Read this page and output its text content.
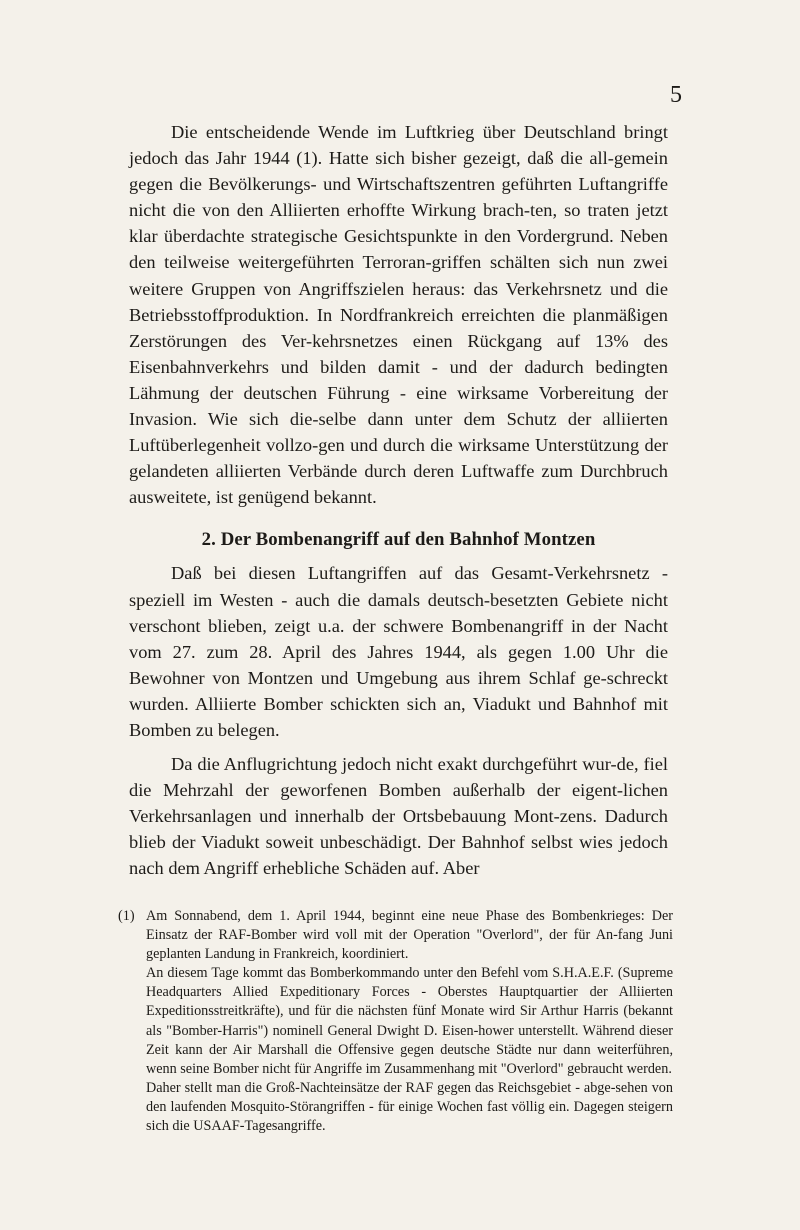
5

Die entscheidende Wende im Luftkrieg über Deutschland bringt jedoch das Jahr 1944 (1). Hatte sich bisher gezeigt, daß die all-gemein gegen die Bevölkerungs- und Wirtschaftszentren geführten Luftangriffe nicht die von den Alliierten erhoffte Wirkung brach-ten, so traten jetzt klar überdachte strategische Gesichtspunkte in den Vordergrund. Neben den teilweise weitergeführten Terroran-griffen schälten sich nun zwei weitere Gruppen von Angriffszielen heraus: das Verkehrsnetz und die Betriebsstoffproduktion. In Nordfrankreich erreichten die planmäßigen Zerstörungen des Ver-kehrsnetzes einen Rückgang auf 13% des Eisenbahnverkehrs und bilden damit - und der dadurch bedingten Lähmung der deutschen Führung - eine wirksame Vorbereitung der Invasion. Wie sich die-selbe dann unter dem Schutz der alliierten Luftüberlegenheit vollzo-gen und durch die wirksame Unterstützung der gelandeten alliierten Verbände durch deren Luftwaffe zum Durchbruch ausweitete, ist genügend bekannt.

2. Der Bombenangriff auf den Bahnhof Montzen

Daß bei diesen Luftangriffen auf das Gesamt-Verkehrsnetz -speziell im Westen - auch die damals deutsch-besetzten Gebiete nicht verschont blieben, zeigt u.a. der schwere Bombenangriff in der Nacht vom 27. zum 28. April des Jahres 1944, als gegen 1.00 Uhr die Bewohner von Montzen und Umgebung aus ihrem Schlaf ge-schreckt wurden. Alliierte Bomber schickten sich an, Viadukt und Bahnhof mit Bomben zu belegen.

Da die Anflugrichtung jedoch nicht exakt durchgeführt wur-de, fiel die Mehrzahl der geworfenen Bomben außerhalb der eigent-lichen Verkehrsanlagen und innerhalb der Ortsbebauung Mont-zens. Dadurch blieb der Viadukt soweit unbeschädigt. Der Bahnhof selbst wies jedoch nach dem Angriff erhebliche Schäden auf. Aber

(1) Am Sonnabend, dem 1. April 1944, beginnt eine neue Phase des Bombenkrieges: Der Einsatz der RAF-Bomber wird voll mit der Operation "Overlord", der für An-fang Juni geplanten Landung in Frankreich, koordiniert.

An diesem Tage kommt das Bomberkommando unter den Befehl vom S.H.A.E.F. (Supreme Headquarters Allied Expeditionary Forces - Oberstes Hauptquartier der Alliierten Expeditionsstreitkräfte), und für die nächsten fünf Monate wird Sir Arthur Harris (bekannt als "Bomber-Harris") nominell General Dwight D. Eisen-hower unterstellt. Während dieser Zeit kann der Air Marshall die Offensive gegen deutsche Städte nur dann weiterführen, wenn seine Bomber nicht für Angriffe im Zusammenhang mit "Overlord" gebraucht werden.

Daher stellt man die Groß-Nachteinsätze der RAF gegen das Reichsgebiet - abge-sehen von den laufenden Mosquito-Störangriffen - für einige Wochen fast völlig ein. Dagegen steigern sich die USAAF-Tagesangriffe.
